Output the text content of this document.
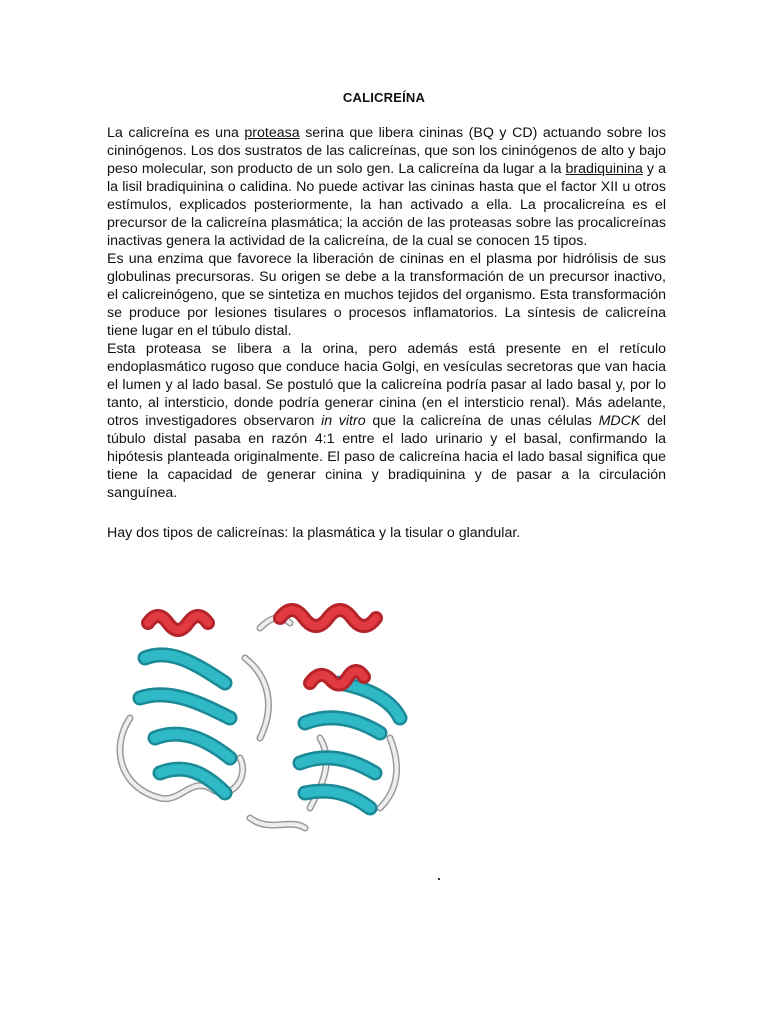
CALICREÍNA

La calicreína es una proteasa serina que libera cininas (BQ y CD) actuando sobre los cininógenos. Los dos sustratos de las calicreínas, que son los cininógenos de alto y bajo peso molecular, son producto de un solo gen. La calicreína da lugar a la bradiquinina y a la lisil bradiquinina o calidina. No puede activar las cininas hasta que el factor XII u otros estímulos, explicados posteriormente, la han activado a ella. La procalicreína es el precursor de la calicreína plasmática; la acción de las proteasas sobre las procalicreínas inactivas genera la actividad de la calicreína, de la cual se conocen 15 tipos.

Es una enzima que favorece la liberación de cininas en el plasma por hidrólisis de sus globulinas precursoras. Su origen se debe a la transformación de un precursor inactivo, el calicreinógeno, que se sintetiza en muchos tejidos del organismo. Esta transformación se produce por lesiones tisulares o procesos inflamatorios. La síntesis de calicreína tiene lugar en el túbulo distal.

Esta proteasa se libera a la orina, pero además está presente en el retículo endoplasmático rugoso que conduce hacia Golgi, en vesículas secretoras que van hacia el lumen y al lado basal. Se postuló que la calicreína podría pasar al lado basal y, por lo tanto, al intersticio, donde podría generar cinina (en el intersticio renal). Más adelante, otros investigadores observaron in vitro que la calicreína de unas células MDCK del túbulo distal pasaba en razón 4:1 entre el lado urinario y el basal, confirmando la hipótesis planteada originalmente. El paso de calicreína hacia el lado basal significa que tiene la capacidad de generar cinina y bradiquinina y de pasar a la circulación sanguínea.

Hay dos tipos de calicreínas: la plasmática y la tisular o glandular.
